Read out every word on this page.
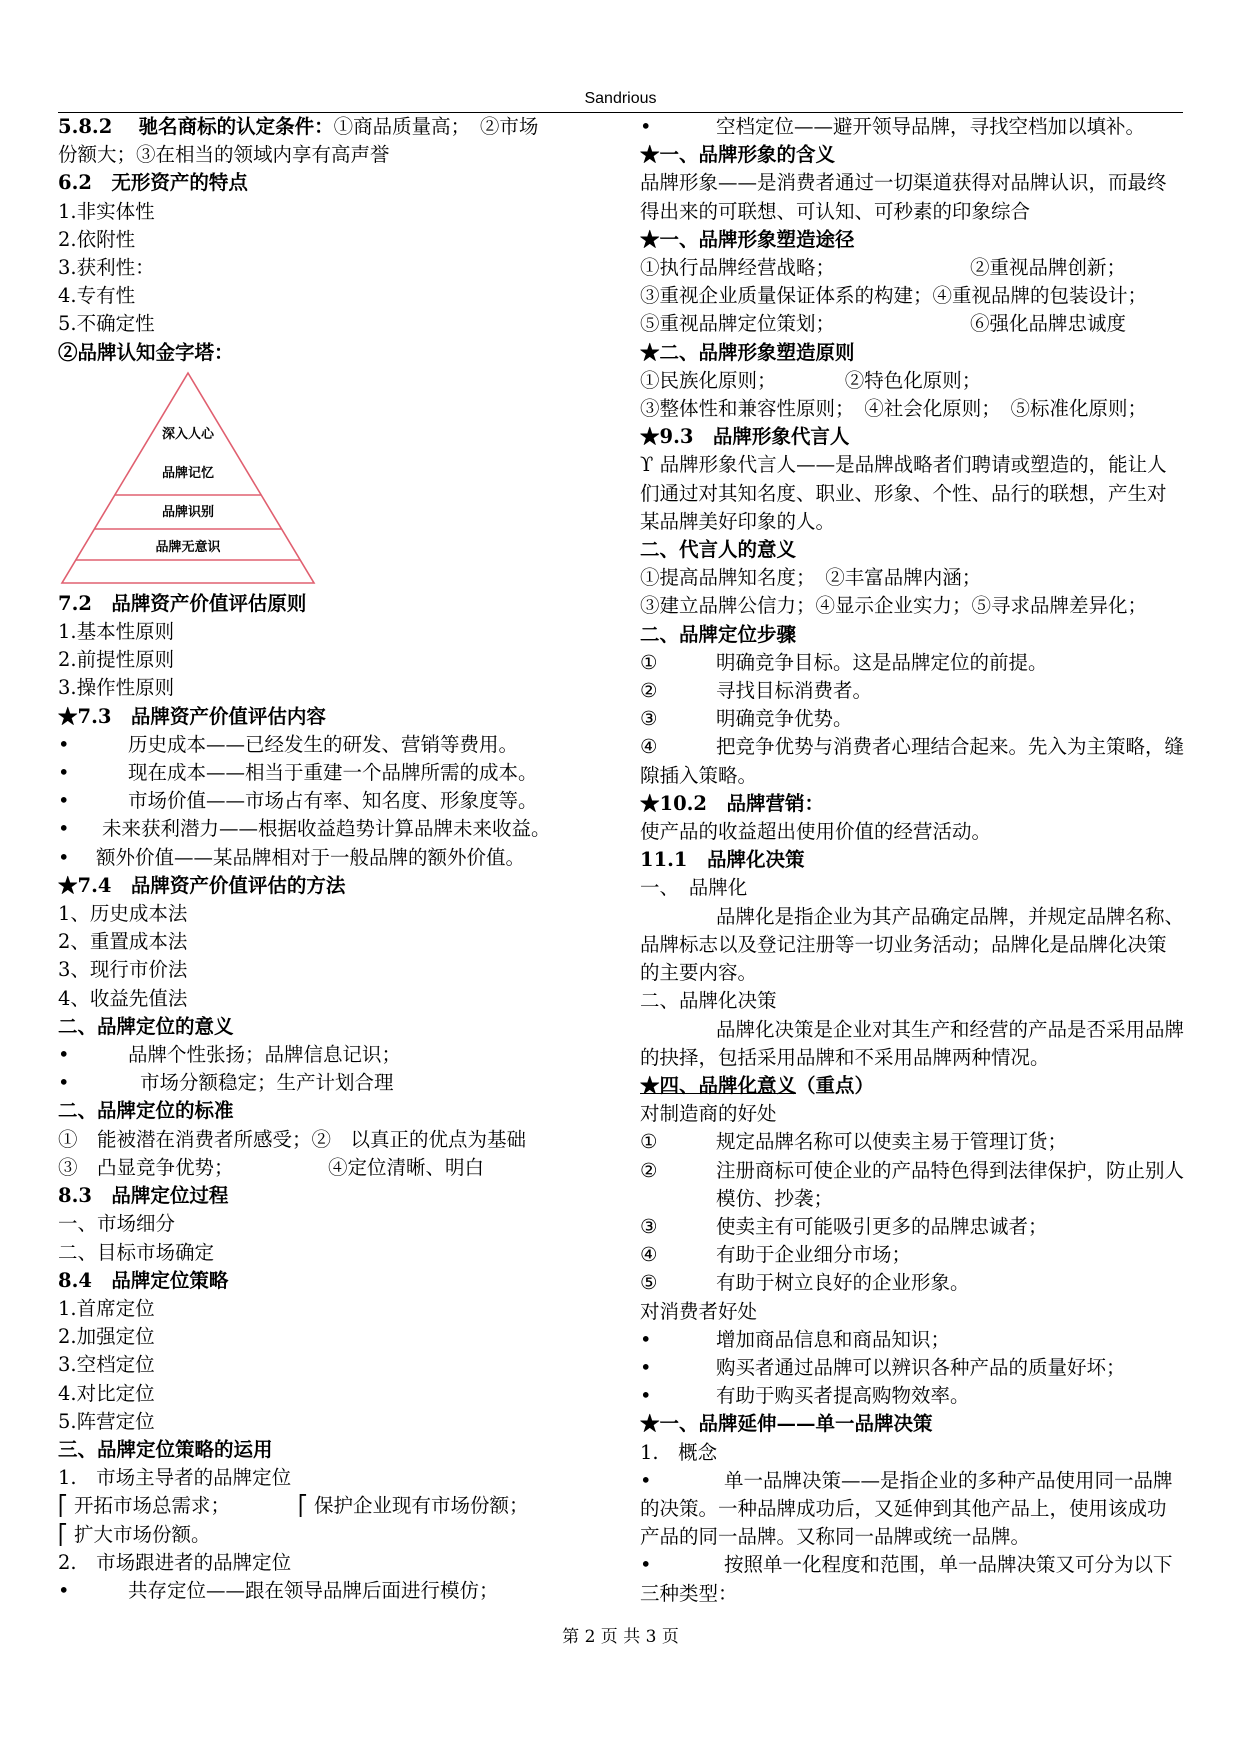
Sandrious

5.8.2　 驰名商标的认定条件：①商品质量高；　②市场

份额大；③在相当的领域内享有高声誉

6.2　无形资产的特点

1.非实体性

2.依附性

3.获利性：

4.专有性

5.不确定性

②品牌认知金字塔：

深入人心
品牌记忆
品牌识别
品牌无意识

7.2　品牌资产价值评估原则

1.基本性原则

2.前提性原则

3.操作性原则

★7.3　品牌资产价值评估内容

•	历史成本——已经发生的研发、营销等费用。

•	现在成本——相当于重建一个品牌所需的成本。

•	市场价值——市场占有率、知名度、形象度等。

• 未来获利潜力——根据收益趋势计算品牌未来收益。

• 额外价值——某品牌相对于一般品牌的额外价值。

★7.4　品牌资产价值评估的方法

1、历史成本法

2、重置成本法

3、现行市价法

4、收益先值法

二、品牌定位的意义

•	品牌个性张扬；品牌信息记识；

•	市场分额稳定；生产计划合理

二、品牌定位的标准

①　能被潜在消费者所感受；②　以真正的优点为基础

③　凸显竞争优势；	④定位清晰、明白

8.3　品牌定位过程

一、市场细分

二、目标市场确定

8.4　品牌定位策略

1.首席定位

2.加强定位

3.空档定位

4.对比定位

5.阵营定位

三、品牌定位策略的运用

1.　市场主导者的品牌定位

⎡ 开拓市场总需求；	⎡ 保护企业现有市场份额；

⎡ 扩大市场份额。

2.　市场跟进者的品牌定位

•	共存定位——跟在领导品牌后面进行模仿；

•	空档定位——避开领导品牌，寻找空档加以填补。

★一、品牌形象的含义

品牌形象——是消费者通过一切渠道获得对品牌认识，而最终得出来的可联想、可认知、可秒素的印象综合

★一、品牌形象塑造途径

①执行品牌经营战略；	②重视品牌创新；

③重视企业质量保证体系的构建；④重视品牌的包装设计；

⑤重视品牌定位策划；	⑥强化品牌忠诚度

★二、品牌形象塑造原则

①民族化原则；　　　　②特色化原则；

③整体性和兼容性原则；　④社会化原则；　⑤标准化原则；

★9.3　品牌形象代言人

ϒ 品牌形象代言人——是品牌战略者们聘请或塑造的，能让人们通过对其知名度、职业、形象、个性、品行的联想，产生对某品牌美好印象的人。

二、代言人的意义

①提高品牌知名度；　②丰富品牌内涵；

③建立品牌公信力；④显示企业实力；⑤寻求品牌差异化；

二、品牌定位步骤

①	明确竞争目标。这是品牌定位的前提。

②	寻找目标消费者。

③	明确竞争优势。

④	把竞争优势与消费者心理结合起来。先入为主策略，缝隙插入策略。

★10.2　品牌营销：

使产品的收益超出使用价值的经营活动。

11.1　品牌化决策

一、　品牌化

品牌化是指企业为其产品确定品牌，并规定品牌名称、品牌标志以及登记注册等一切业务活动；品牌化是品牌化决策的主要内容。

二、品牌化决策

品牌化决策是企业对其生产和经营的产品是否采用品牌的抉择，包括采用品牌和不采用品牌两种情况。

★四、品牌化意义（重点）

对制造商的好处

①	规定品牌名称可以使卖主易于管理订货；

②	注册商标可使企业的产品特色得到法律保护，防止别人模仿、抄袭；

③	使卖主有可能吸引更多的品牌忠诚者；

④	有助于企业细分市场；

⑤	有助于树立良好的企业形象。

对消费者好处

•	增加商品信息和商品知识；

•	购买者通过品牌可以辨识各种产品的质量好坏；

•	有助于购买者提高购物效率。

★一、品牌延伸——单一品牌决策

1.　概念

•	单一品牌决策——是指企业的多种产品使用同一品牌的决策。一种品牌成功后，又延伸到其他产品上，使用该成功产品的同一品牌。又称同一品牌或统一品牌。

•	按照单一化程度和范围，单一品牌决策又可分为以下三种类型：

第 2 页 共 3 页
